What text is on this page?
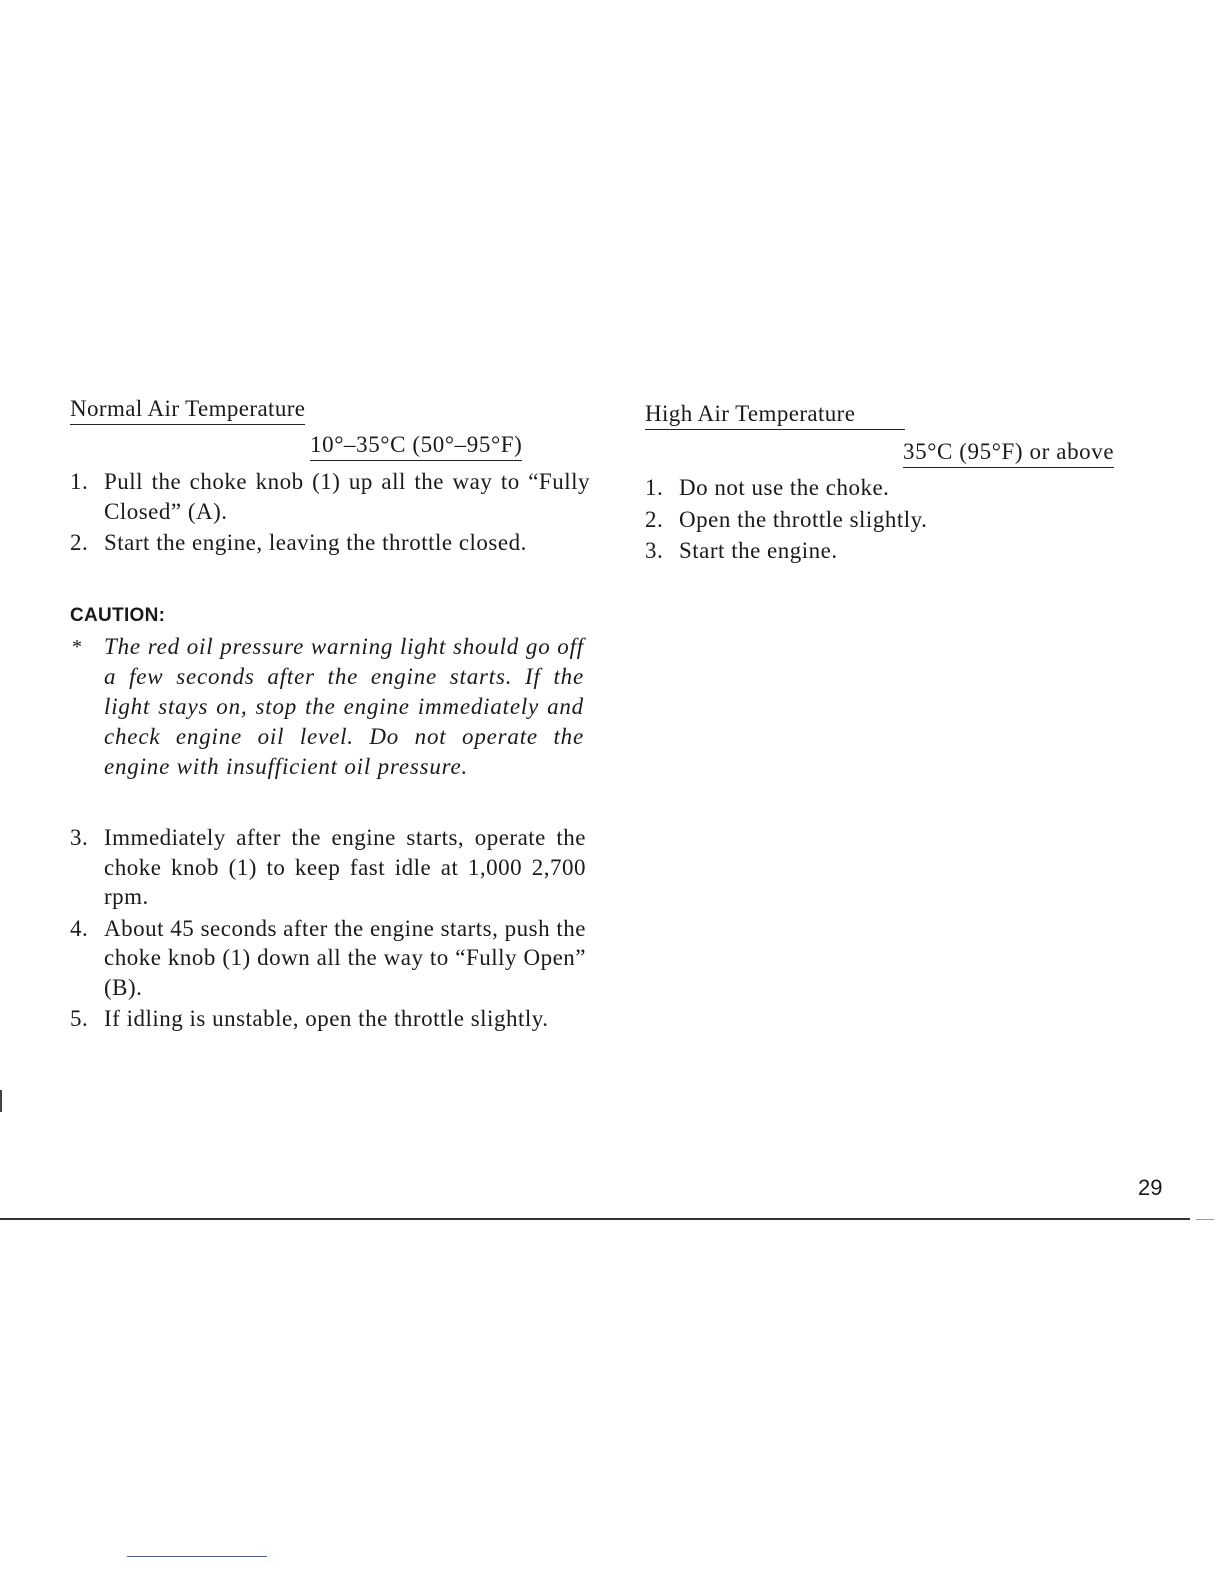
Normal Air Temperature
10°–35°C (50°–95°F)
1. Pull the choke knob (1) up all the way to “Fully Closed” (A).
2. Start the engine, leaving the throttle closed.
CAUTION:
* The red oil pressure warning light should go off a few seconds after the engine starts. If the light stays on, stop the engine immediately and check engine oil level. Do not operate the engine with insufficient oil pressure.
3. Immediately after the engine starts, operate the choke knob (1) to keep fast idle at 1,000 2,700 rpm.
4. About 45 seconds after the engine starts, push the choke knob (1) down all the way to “Fully Open” (B).
5. If idling is unstable, open the throttle slightly.
High Air Temperature
35°C (95°F) or above
1. Do not use the choke.
2. Open the throttle slightly.
3. Start the engine.
29
